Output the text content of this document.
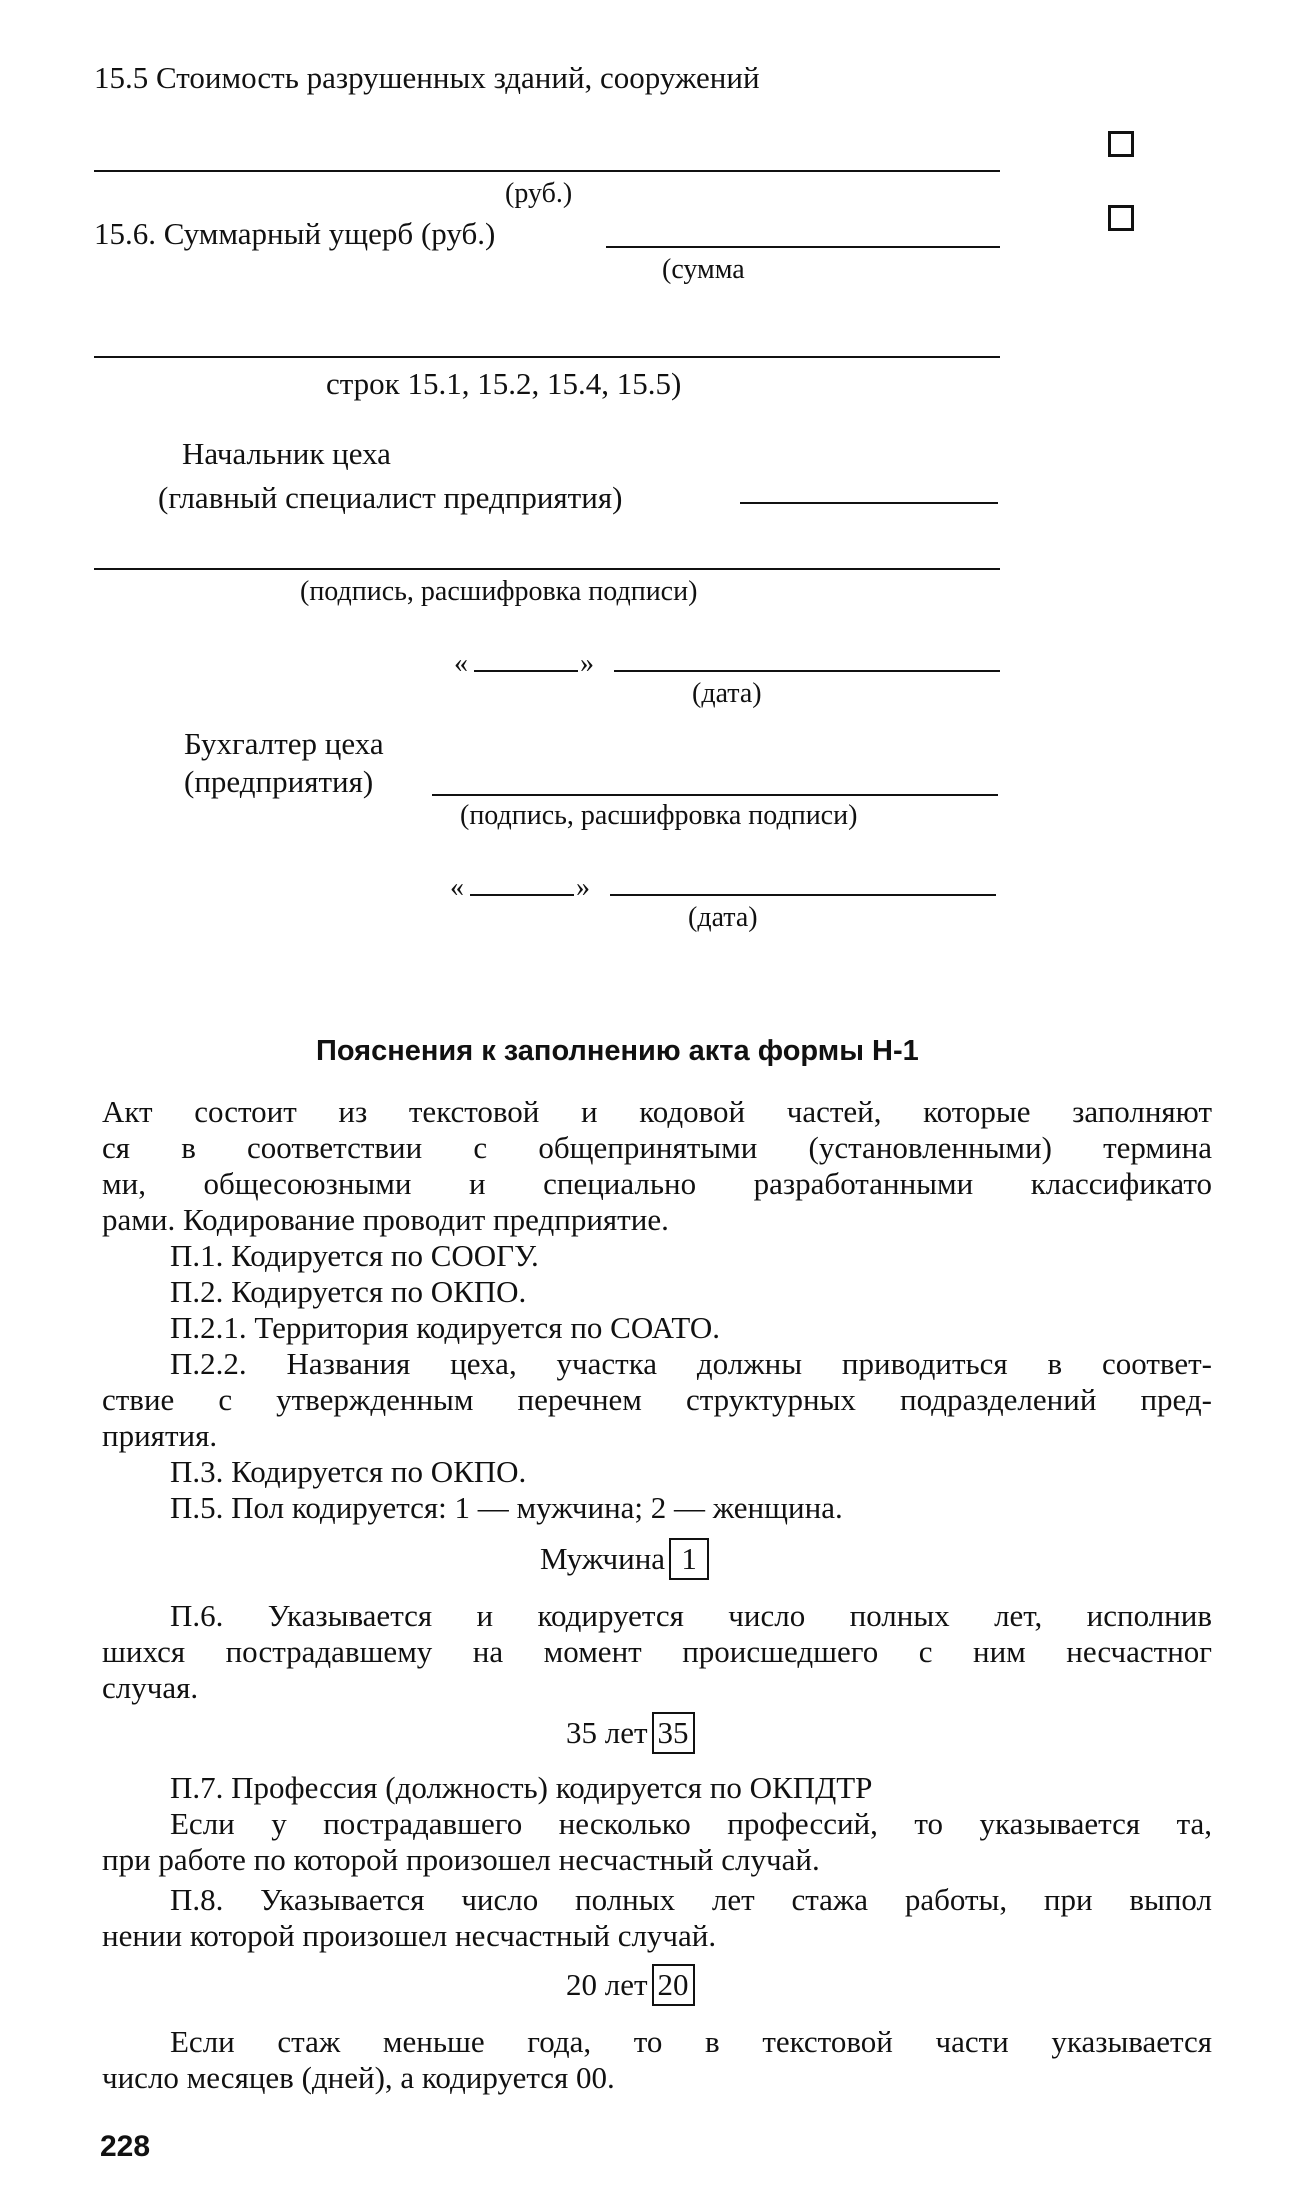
15.5 Стоимость разрушенных зданий, сооружений
(руб.)
15.6. Суммарный ущерб (руб.)
(сумма
строк 15.1, 15.2, 15.4, 15.5)
Начальник цеха
(главный специалист предприятия)
(подпись, расшифровка подписи)
«	»
(дата)
Бухгалтер цеха
(предприятия)
(подпись, расшифровка подписи)
«	»
(дата)
Пояснения к заполнению акта формы Н-1
Акт состоит из текстовой и кодовой частей, которые заполняют
ся в соответствии с общепринятыми (установленными) термина
ми, общесоюзными и специально разработанными классификато
рами. Кодирование проводит предприятие.
П.1. Кодируется по СООГУ.
П.2. Кодируется по ОКПО.
П.2.1. Территория кодируется по СОАТО.
П.2.2. Названия цеха, участка должны приводиться в соответ-
ствие с утвержденным перечнем структурных подразделений пред-
приятия.
П.3. Кодируется по ОКПО.
П.5. Пол кодируется: 1 — мужчина; 2 — женщина.
Мужчина 1
П.6. Указывается и кодируется число полных лет, исполнив
шихся пострадавшему на момент происшедшего с ним несчастног
случая.
35 лет 35
П.7. Профессия (должность) кодируется по ОКПДТР
Если у пострадавшего несколько профессий, то указывается та,
при работе по которой произошел несчастный случай.
П.8. Указывается число полных лет стажа работы, при выпол
нении которой произошел несчастный случай.
20 лет 20
Если стаж меньше года, то в текстовой части указывается
число месяцев (дней), а кодируется 00.
228
